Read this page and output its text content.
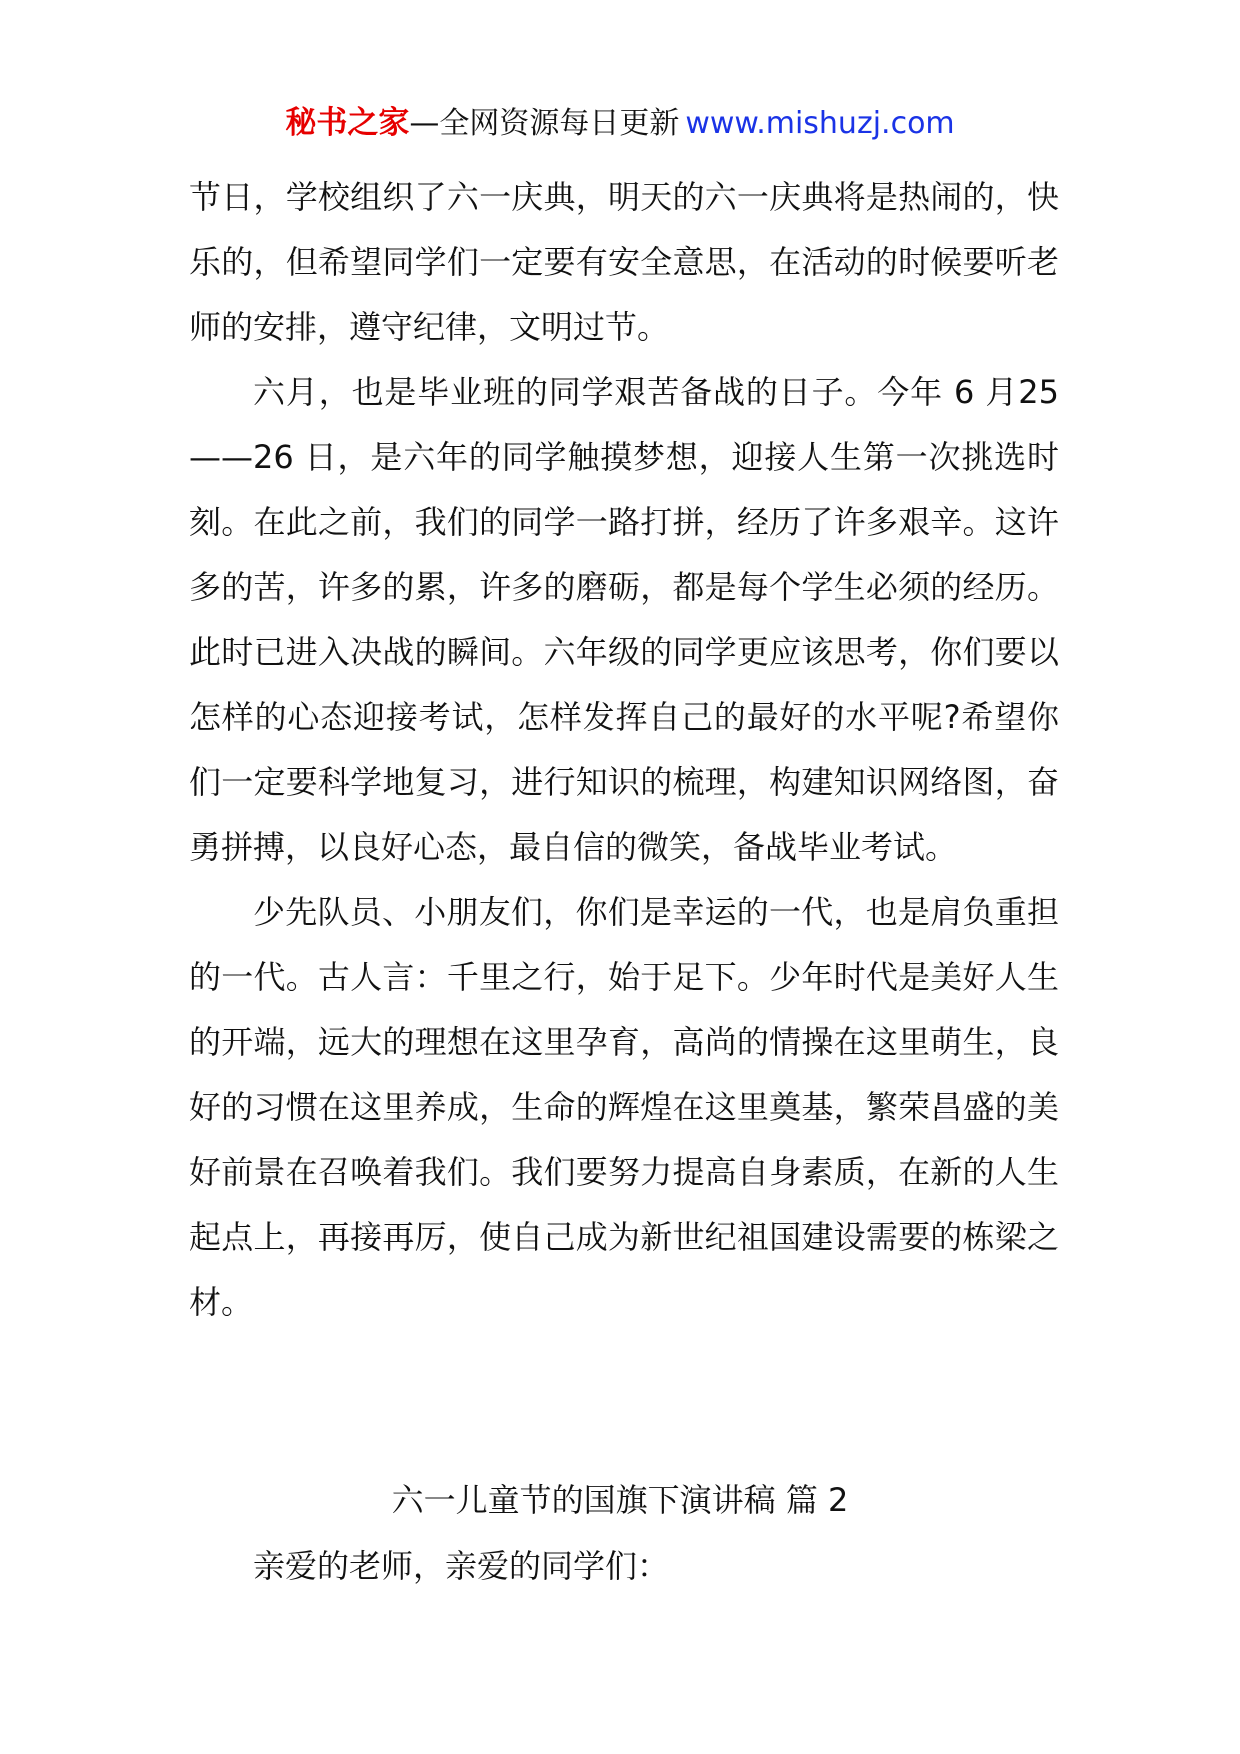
秘书之家—全网资源每日更新 www.mishuzj.com

节日，学校组织了六一庆典，明天的六一庆典将是热闹的，快乐的，但希望同学们一定要有安全意思，在活动的时候要听老师的安排，遵守纪律，文明过节。

六月，也是毕业班的同学艰苦备战的日子。今年 6 月25——26 日，是六年的同学触摸梦想，迎接人生第一次挑选时刻。在此之前，我们的同学一路打拼，经历了许多艰辛。这许多的苦，许多的累，许多的磨砺，都是每个学生必须的经历。此时已进入决战的瞬间。六年级的同学更应该思考，你们要以怎样的心态迎接考试，怎样发挥自己的最好的水平呢?希望你们一定要科学地复习，进行知识的梳理，构建知识网络图，奋勇拼搏，以良好心态，最自信的微笑，备战毕业考试。

少先队员、小朋友们，你们是幸运的一代，也是肩负重担的一代。古人言：千里之行，始于足下。少年时代是美好人生的开端，远大的理想在这里孕育，高尚的情操在这里萌生，良好的习惯在这里养成，生命的辉煌在这里奠基，繁荣昌盛的美好前景在召唤着我们。我们要努力提高自身素质，在新的人生起点上，再接再厉，使自己成为新世纪祖国建设需要的栋梁之材。

六一儿童节的国旗下演讲稿 篇 2
亲爱的老师，亲爱的同学们：
